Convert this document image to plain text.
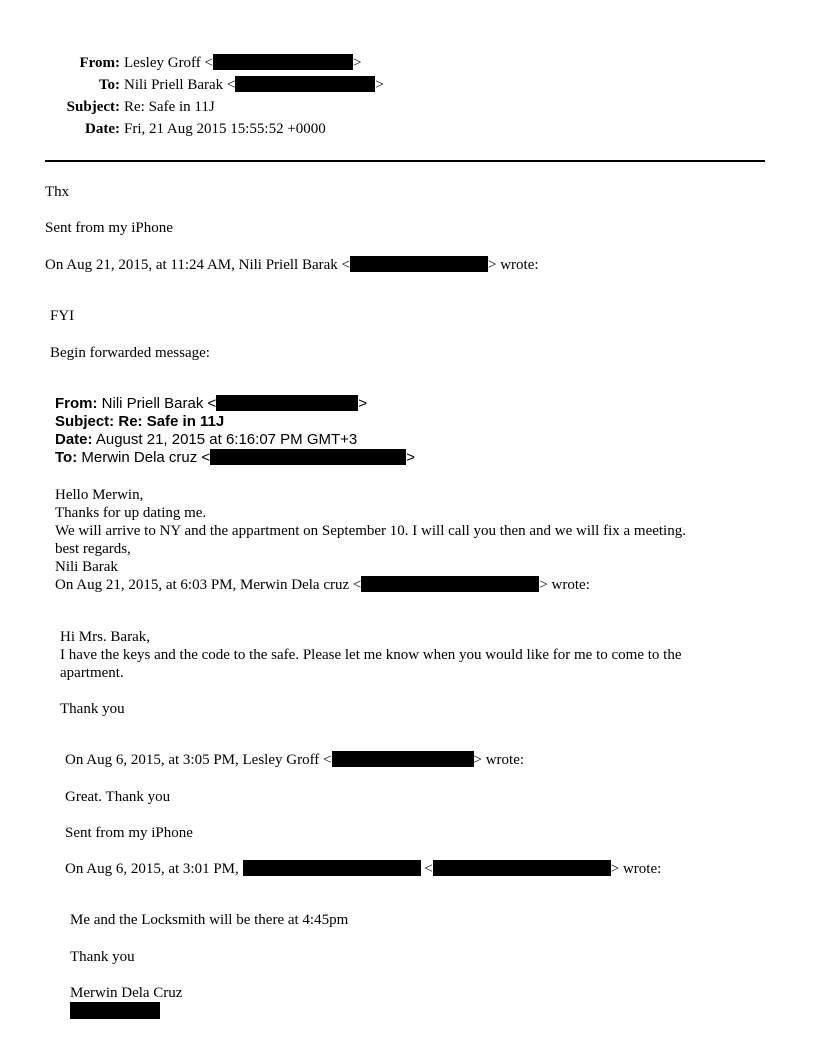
From: Lesley Groff <	>
To: Nili Priell Barak <	>
Subject: Re: Safe in 11J
Date: Fri, 21 Aug 2015 15:55:52 +0000
Thx
Sent from my iPhone
On Aug 21, 2015, at 11:24 AM, Nili Priell Barak <	> wrote:
FYI
Begin forwarded message:
From: Nili Priell Barak <	>
Subject: Re: Safe in 11J
Date: August 21, 2015 at 6:16:07 PM GMT+3
To: Merwin Dela cruz <	>
Hello Merwin,
Thanks for up dating me.
We will arrive to NY and the appartment on September 10. I will call you then and we will fix a meeting.
best regards,
Nili Barak
On Aug 21, 2015, at 6:03 PM, Merwin Dela cruz <	> wrote:
Hi Mrs. Barak,
I have the keys and the code to the safe. Please let me know when you would like for me to come to the
apartment.
Thank you
On Aug 6, 2015, at 3:05 PM, Lesley Groff <	> wrote:
Great. Thank you
Sent from my iPhone
On Aug 6, 2015, at 3:01 PM,	<	> wrote:
Me and the Locksmith will be there at 4:45pm
Thank you
Merwin Dela Cruz
